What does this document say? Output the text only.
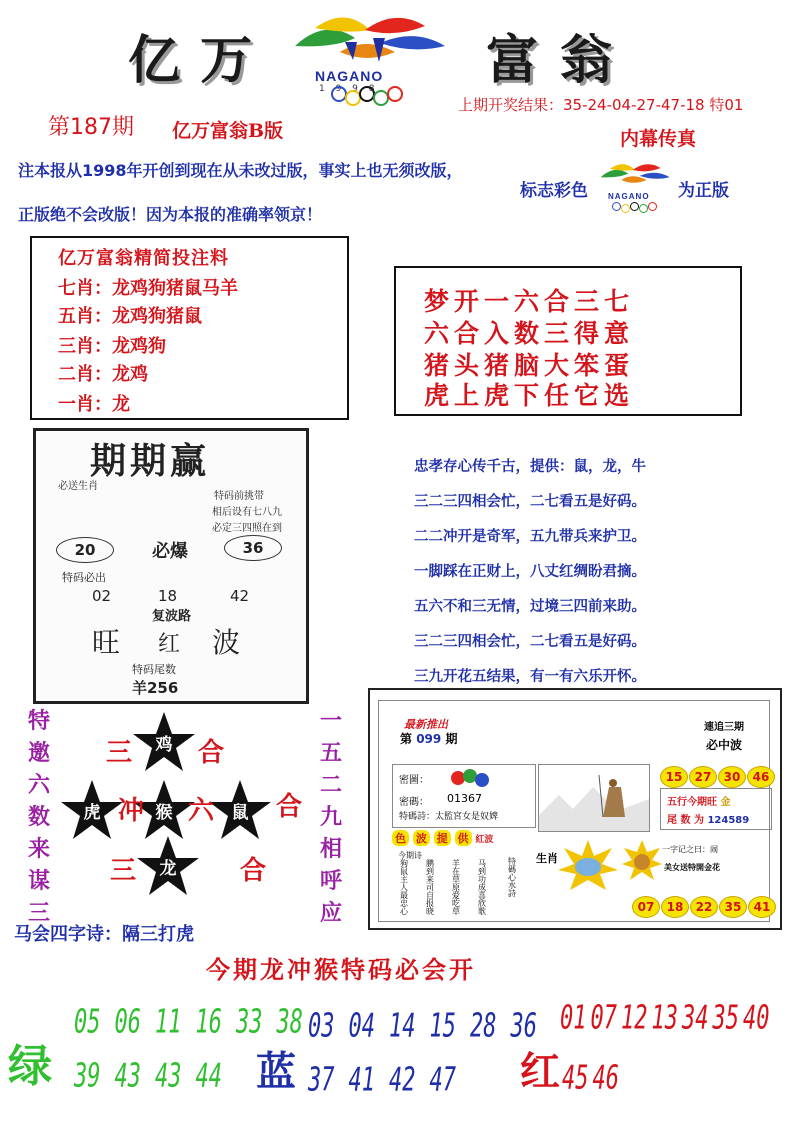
亿 万	富 翁
NAGANO
1 9 9 8
上期开奖结果：35-24-04-27-47-18 特01
第187期 亿万富翁B版	内幕传真
注本报从1998年开创到现在从未改过版，事实上也无须改版，
正版绝不会改版！因为本报的准确率领京！
标志彩色	NAGANO 为正版
亿万富翁精简投注料
七肖：龙鸡狗猪鼠马羊
五肖：龙鸡狗猪鼠
三肖：龙鸡狗
二肖：龙鸡
一肖：龙
梦开一六合三七
六合入数三得意
猪头猪脑大笨蛋
虎上虎下任它选
期期赢
必送生肖
特码前挑带
相后设有七八九
必定三四照在到
20	必爆	36
特码必出
02	18	42
复波路
旺 红 波
特码尾数
羊256

忠孝存心传千古，提供：鼠，龙，牛

三二三四相会忙，二七看五是好码。

二二冲开是奇军，五九带兵来护卫。

一脚踩在正财上，八丈红绸盼君摘。

五六不和三无情，过境三四前来助。

三二三四相会忙，二七看五是好码。

三九开花五结果，有一有六乐开怀。

特
邀
六
数
来
谋
三
一
五
二
九
相
呼
应
鸡
虎	猴	鼠
龙
三	合
冲 六 合
三	合
马会四字诗：隔三打虎
最新推出
第 099 期
連追三期
必中波
密圖：
密碼： 01367
特碼詩：太監宮女是奴婢
15 27 30 46
五行今期旺 金
尾 数 为 124589
色 波 提 供 紅波
今期诗
狗鼠主人最忠心
鹏到来司自报晓
羊在草原爱吃草
马到功成喜欣歌
特碼心水詩
生肖
一字记之曰：闹
美女送特開金花
07 18 22 35 41
今期龙冲猴特码必会开
绿
05 06 11 16 33 38
39 43 43 44 蓝
03 04 14 15 28 36
37 41 42 47	红
01 07 12 13 34 35 40
45 46
